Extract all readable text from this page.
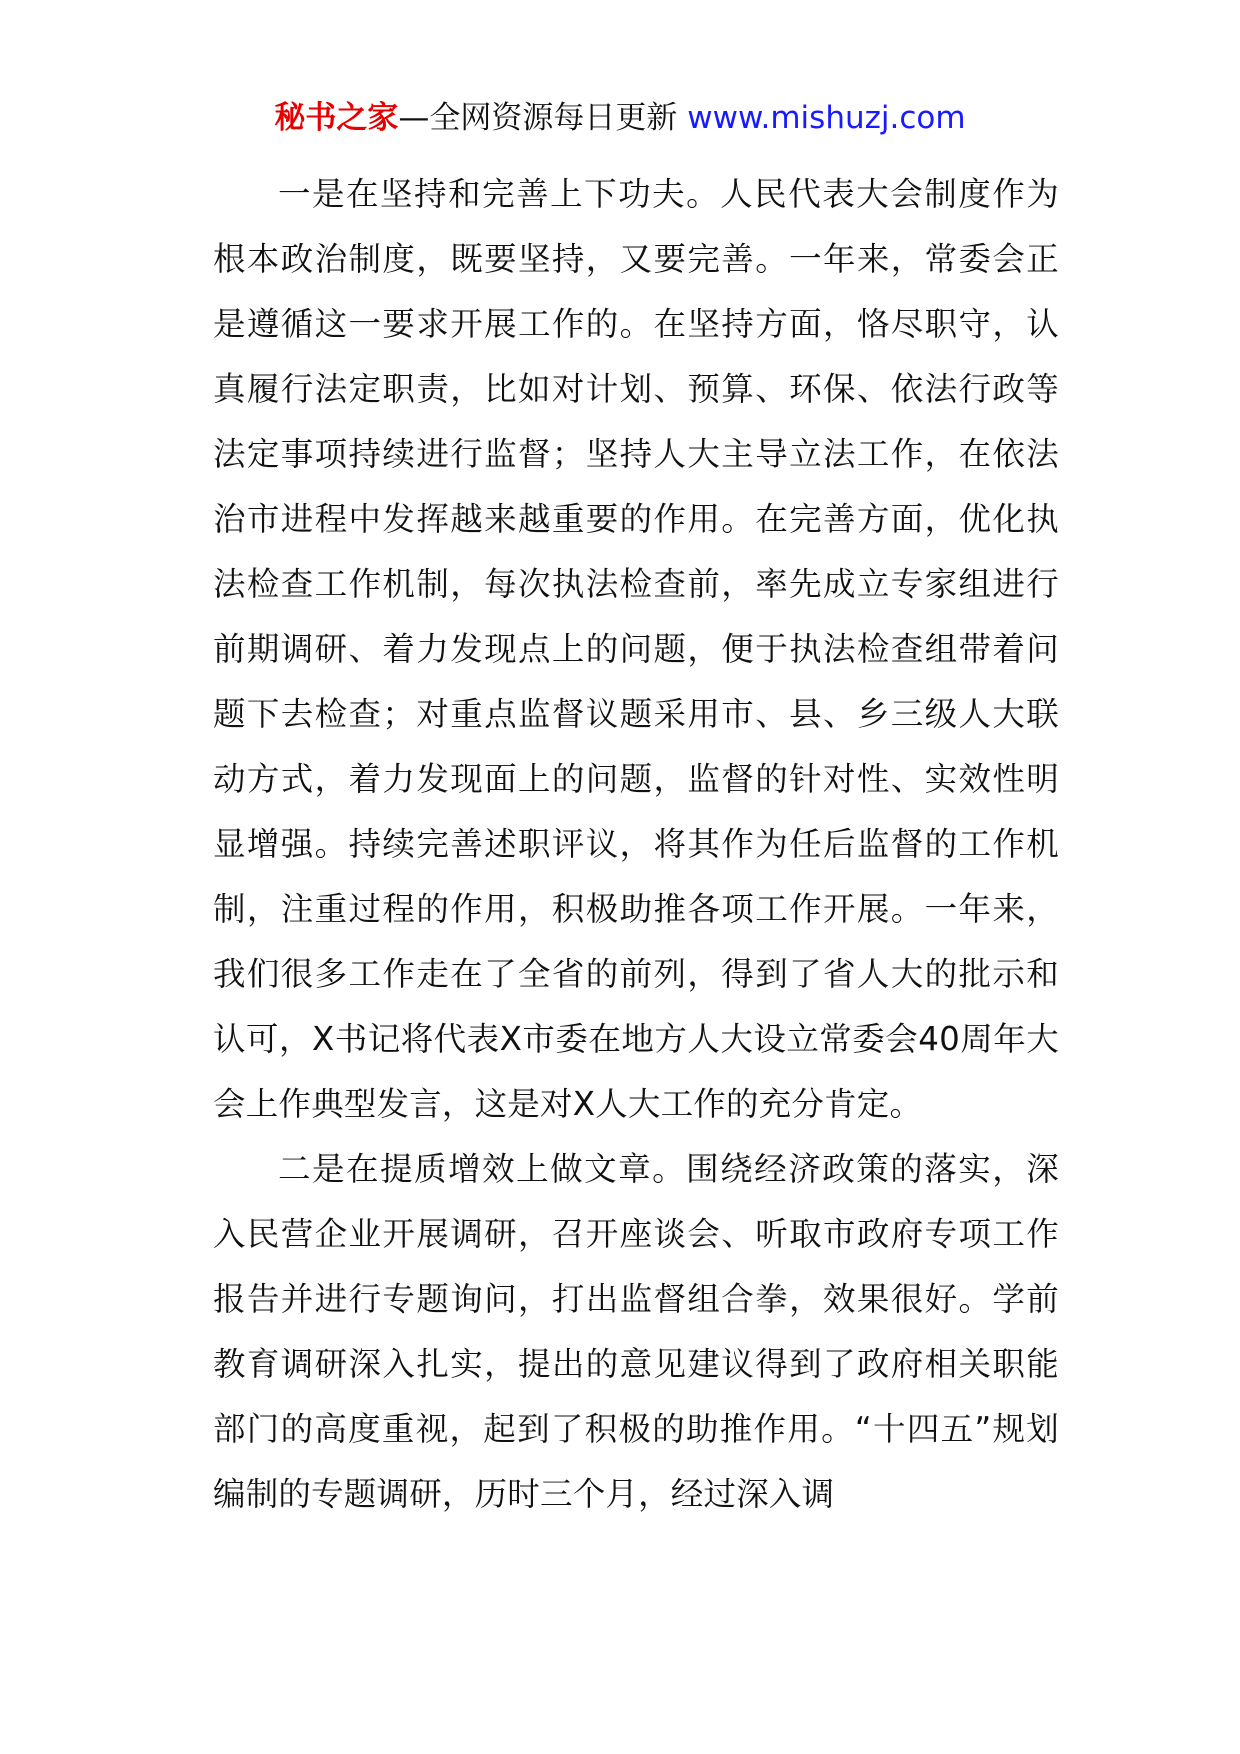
秘书之家—全网资源每日更新 www.mishuzj.com

一是在坚持和完善上下功夫。人民代表大会制度作为根本政治制度，既要坚持，又要完善。一年来，常委会正是遵循这一要求开展工作的。在坚持方面，恪尽职守，认真履行法定职责，比如对计划、预算、环保、依法行政等法定事项持续进行监督；坚持人大主导立法工作，在依法治市进程中发挥越来越重要的作用。在完善方面，优化执法检查工作机制，每次执法检查前，率先成立专家组进行前期调研、着力发现点上的问题，便于执法检查组带着问题下去检查；对重点监督议题采用市、县、乡三级人大联动方式，着力发现面上的问题，监督的针对性、实效性明显增强。持续完善述职评议，将其作为任后监督的工作机制，注重过程的作用，积极助推各项工作开展。一年来，我们很多工作走在了全省的前列，得到了省人大的批示和认可，X书记将代表X市委在地方人大设立常委会40周年大会上作典型发言，这是对X人大工作的充分肯定。

二是在提质增效上做文章。围绕经济政策的落实，深入民营企业开展调研，召开座谈会、听取市政府专项工作报告并进行专题询问，打出监督组合拳，效果很好。学前教育调研深入扎实，提出的意见建议得到了政府相关职能部门的高度重视，起到了积极的助推作用。“十四五”规划编制的专题调研，历时三个月，经过深入调
